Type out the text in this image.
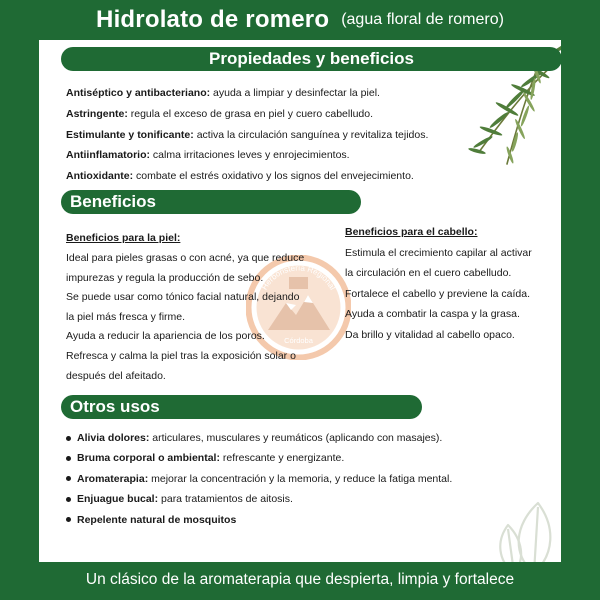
Hidrolato de romero (agua floral de romero)
Herboristería Regional
Córdoba
Propiedades y beneficios

Antiséptico y antibacteriano: ayuda a limpiar y desinfectar la piel.

Astringente: regula el exceso de grasa en piel y cuero cabelludo.

Estimulante y tonificante: activa la circulación sanguínea y revitaliza tejidos.

Antiinflamatorio: calma irritaciones leves y enrojecimientos.

Antioxidante: combate el estrés oxidativo y los signos del envejecimiento.

Beneficios
Beneficios para la piel:
Ideal para pieles grasas o con acné, ya que reduce
impurezas y regula la producción de sebo.
Se puede usar como tónico facial natural, dejando
la piel más fresca y firme.
Ayuda a reducir la apariencia de los poros.
Refresca y calma la piel tras la exposición solar o
después del afeitado.
Beneficios para el cabello:
Estimula el crecimiento capilar al activar
la circulación en el cuero cabelludo.
Fortalece el cabello y previene la caída.
Ayuda a combatir la caspa y la grasa.
Da brillo y vitalidad al cabello opaco.
Otros usos
Alivia dolores: articulares, musculares y reumáticos (aplicando con masajes).
Bruma corporal o ambiental: refrescante y energizante.
Aromaterapia: mejorar la concentración y la memoria, y reduce la fatiga mental.
Enjuague bucal: para tratamientos de aitosis.
Repelente natural de mosquitos
Un clásico de la aromaterapia que despierta, limpia y fortalece
